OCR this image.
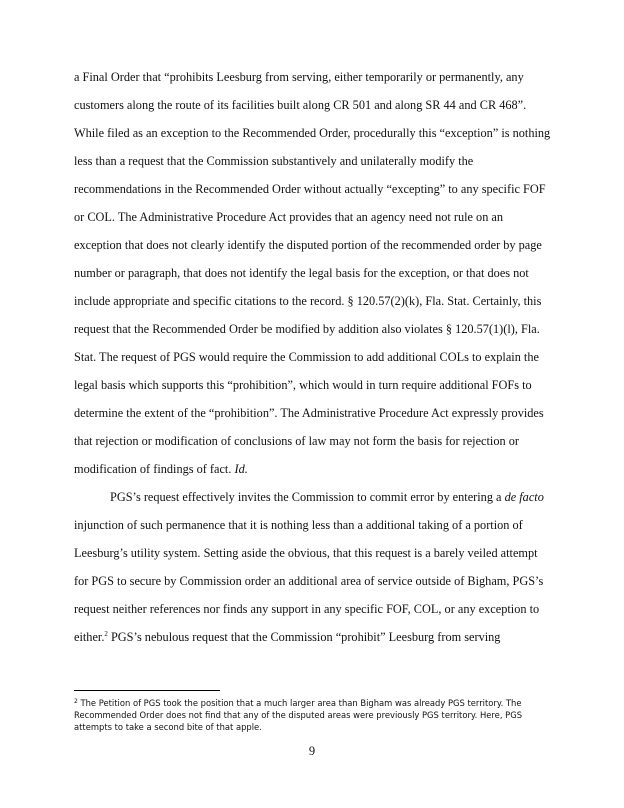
a Final Order that “prohibits Leesburg from serving, either temporarily or permanently, any
customers along the route of its facilities built along CR 501 and along SR 44 and CR 468”.
While filed as an exception to the Recommended Order, procedurally this “exception” is nothing
less than a request that the Commission substantively and unilaterally modify the
recommendations in the Recommended Order without actually “excepting” to any specific FOF
or COL. The Administrative Procedure Act provides that an agency need not rule on an
exception that does not clearly identify the disputed portion of the recommended order by page
number or paragraph, that does not identify the legal basis for the exception, or that does not
include appropriate and specific citations to the record. § 120.57(2)(k), Fla. Stat. Certainly, this
request that the Recommended Order be modified by addition also violates § 120.57(1)(l), Fla.
Stat. The request of PGS would require the Commission to add additional COLs to explain the
legal basis which supports this “prohibition”, which would in turn require additional FOFs to
determine the extent of the “prohibition”. The Administrative Procedure Act expressly provides
that rejection or modification of conclusions of law may not form the basis for rejection or
modification of findings of fact. Id.
PGS’s request effectively invites the Commission to commit error by entering a de facto
injunction of such permanence that it is nothing less than a additional taking of a portion of
Leesburg’s utility system. Setting aside the obvious, that this request is a barely veiled attempt
for PGS to secure by Commission order an additional area of service outside of Bigham, PGS’s
request neither references nor finds any support in any specific FOF, COL, or any exception to
either.$^2$ PGS’s nebulous request that the Commission “prohibit” Leesburg from serving
$^2$ The Petition of PGS took the position that a much larger area than Bigham was already PGS territory. The
Recommended Order does not find that any of the disputed areas were previously PGS territory. Here, PGS
attempts to take a second bite of that apple.
9
